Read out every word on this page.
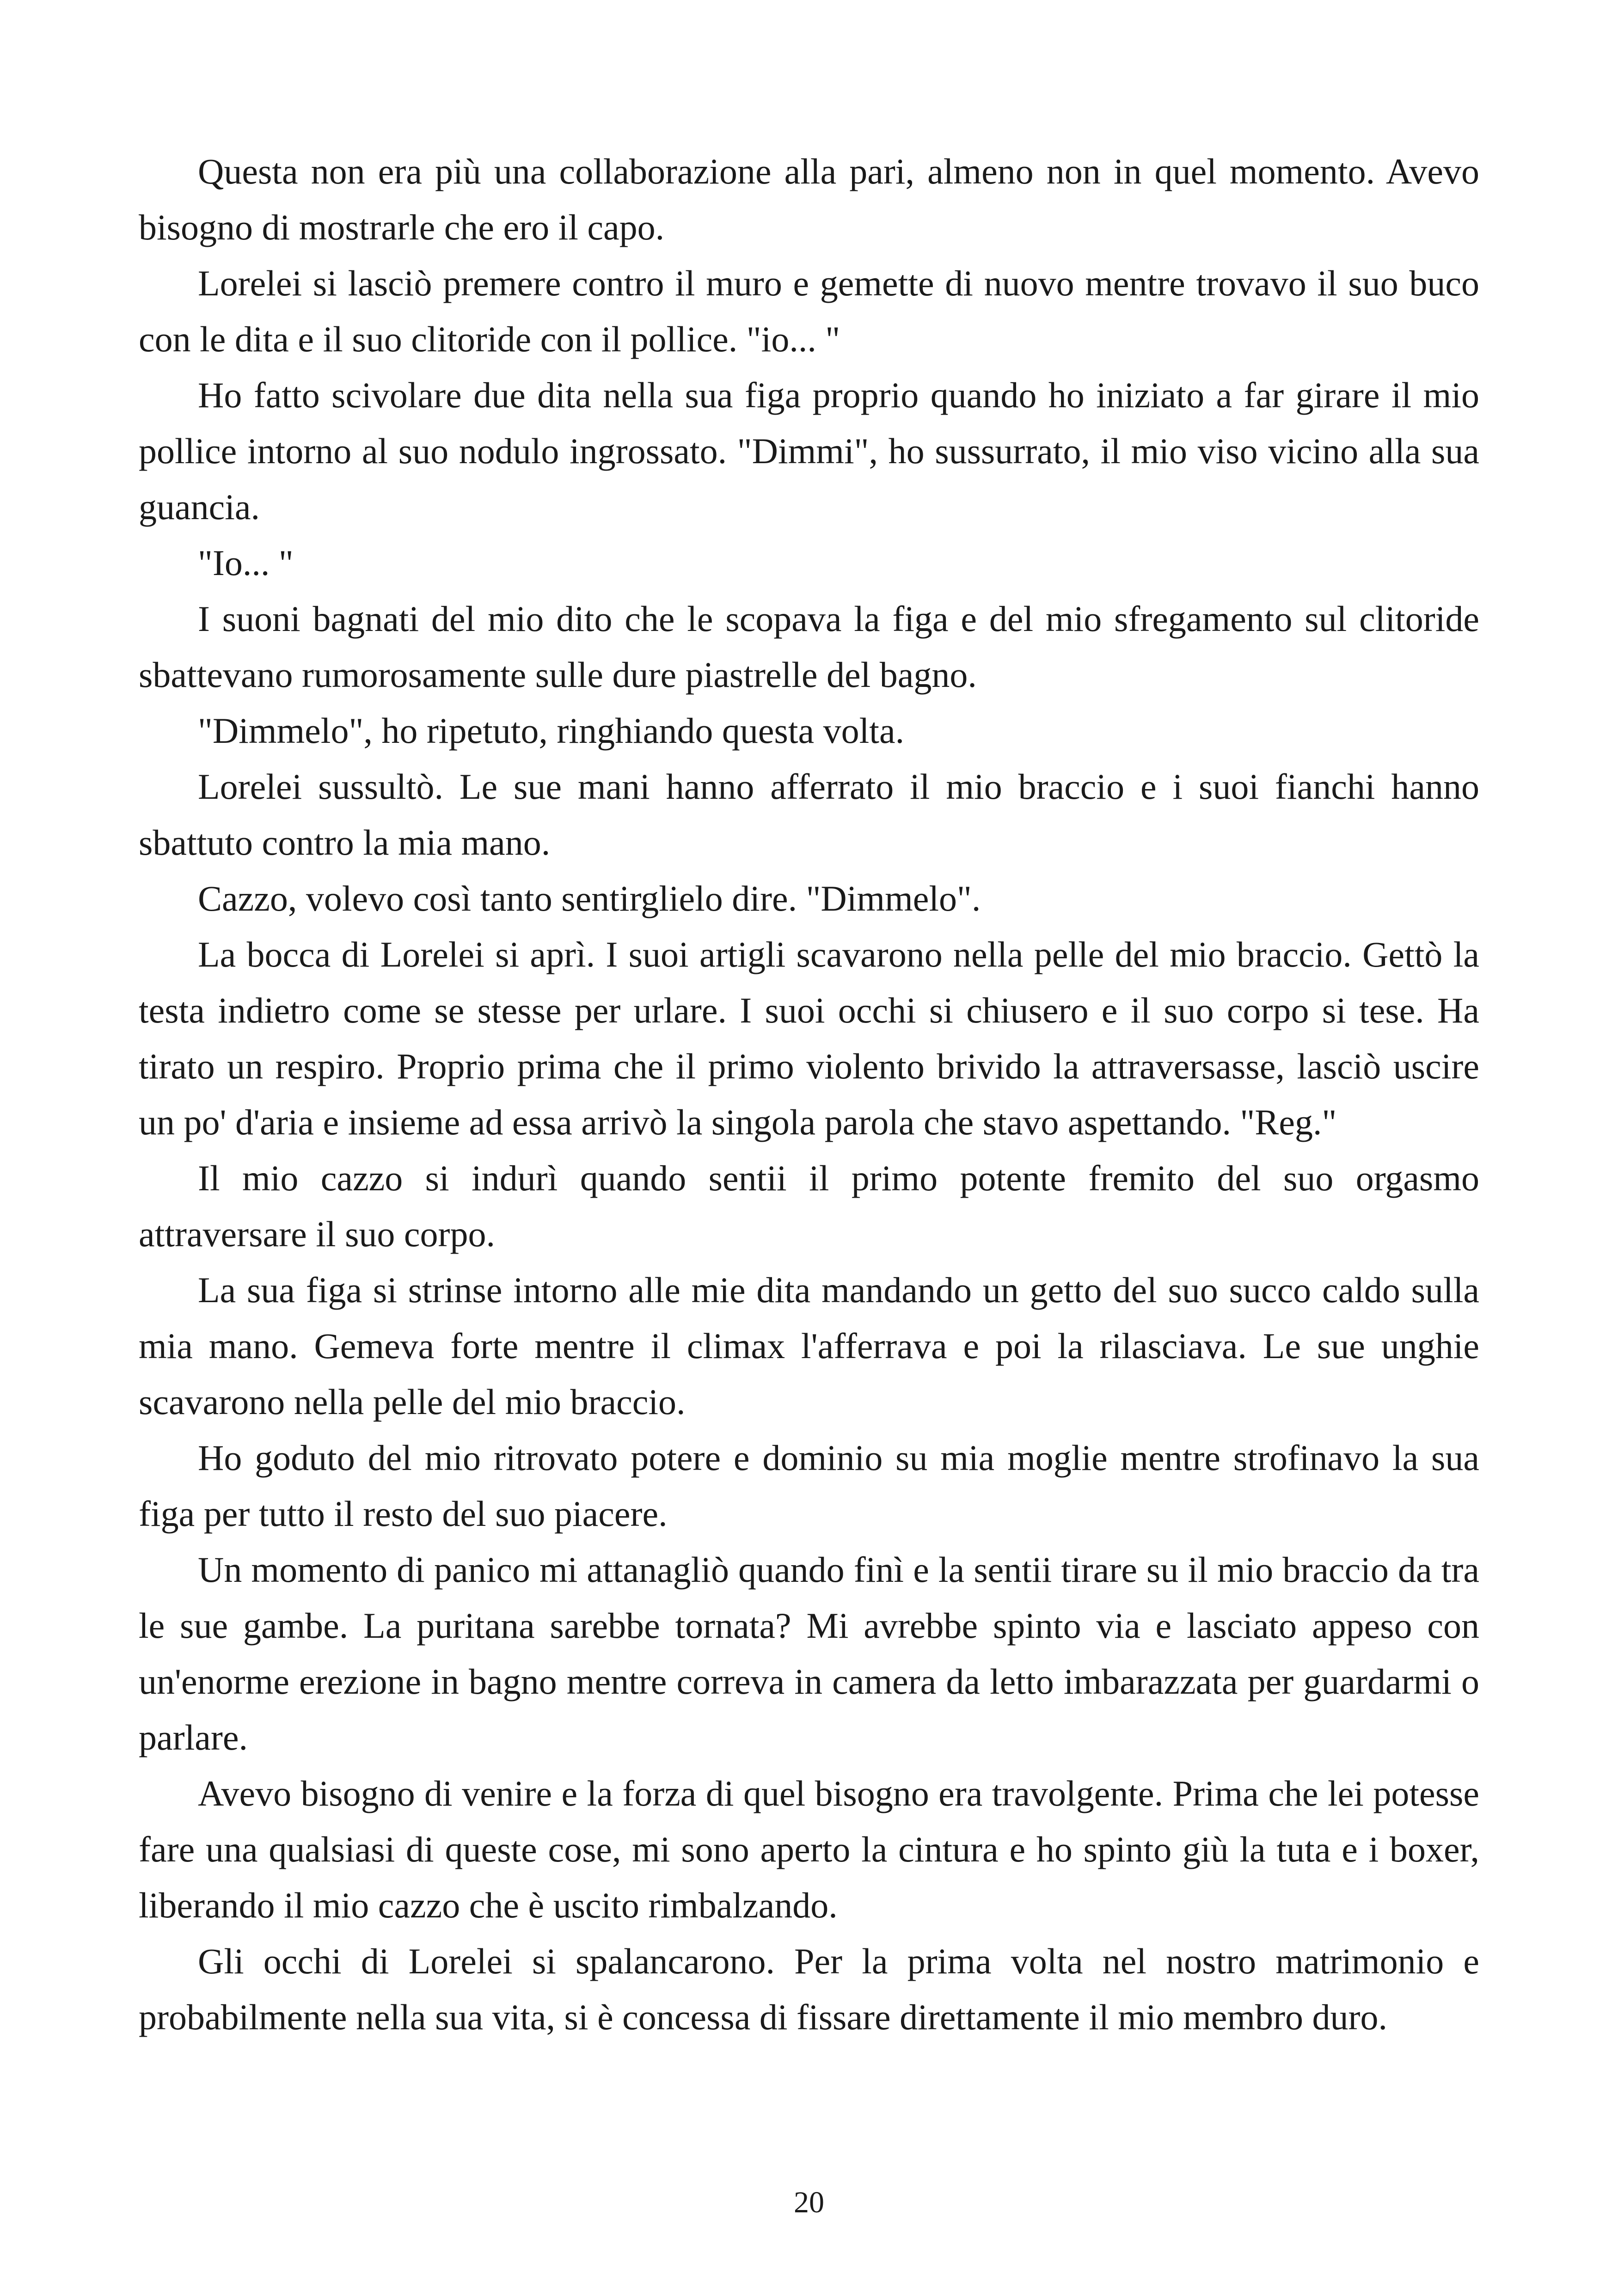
Questa non era più una collaborazione alla pari, almeno non in quel momento. Avevo bisogno di mostrarle che ero il capo.

Lorelei si lasciò premere contro il muro e gemette di nuovo mentre trovavo il suo buco con le dita e il suo clitoride con il pollice. "io... "

Ho fatto scivolare due dita nella sua figa proprio quando ho iniziato a far girare il mio pollice intorno al suo nodulo ingrossato. "Dimmi", ho sussurrato, il mio viso vicino alla sua guancia.

"Io... "

I suoni bagnati del mio dito che le scopava la figa e del mio sfregamento sul clitoride sbattevano rumorosamente sulle dure piastrelle del bagno.

"Dimmelo", ho ripetuto, ringhiando questa volta.

Lorelei sussultò. Le sue mani hanno afferrato il mio braccio e i suoi fianchi hanno sbattuto contro la mia mano.

Cazzo, volevo così tanto sentirglielo dire. "Dimmelo".

La bocca di Lorelei si aprì. I suoi artigli scavarono nella pelle del mio braccio. Gettò la testa indietro come se stesse per urlare. I suoi occhi si chiusero e il suo corpo si tese. Ha tirato un respiro. Proprio prima che il primo violento brivido la attraversasse, lasciò uscire un po' d'aria e insieme ad essa arrivò la singola parola che stavo aspettando. "Reg."

Il mio cazzo si indurì quando sentii il primo potente fremito del suo orgasmo attraversare il suo corpo.

La sua figa si strinse intorno alle mie dita mandando un getto del suo succo caldo sulla mia mano. Gemeva forte mentre il climax l'afferrava e poi la rilasciava. Le sue unghie scavarono nella pelle del mio braccio.

Ho goduto del mio ritrovato potere e dominio su mia moglie mentre strofinavo la sua figa per tutto il resto del suo piacere.

Un momento di panico mi attanagliò quando finì e la sentii tirare su il mio braccio da tra le sue gambe. La puritana sarebbe tornata? Mi avrebbe spinto via e lasciato appeso con un'enorme erezione in bagno mentre correva in camera da letto imbarazzata per guardarmi o parlare.

Avevo bisogno di venire e la forza di quel bisogno era travolgente. Prima che lei potesse fare una qualsiasi di queste cose, mi sono aperto la cintura e ho spinto giù la tuta e i boxer, liberando il mio cazzo che è uscito rimbalzando.

Gli occhi di Lorelei si spalancarono. Per la prima volta nel nostro matrimonio e probabilmente nella sua vita, si è concessa di fissare direttamente il mio membro duro.

20
